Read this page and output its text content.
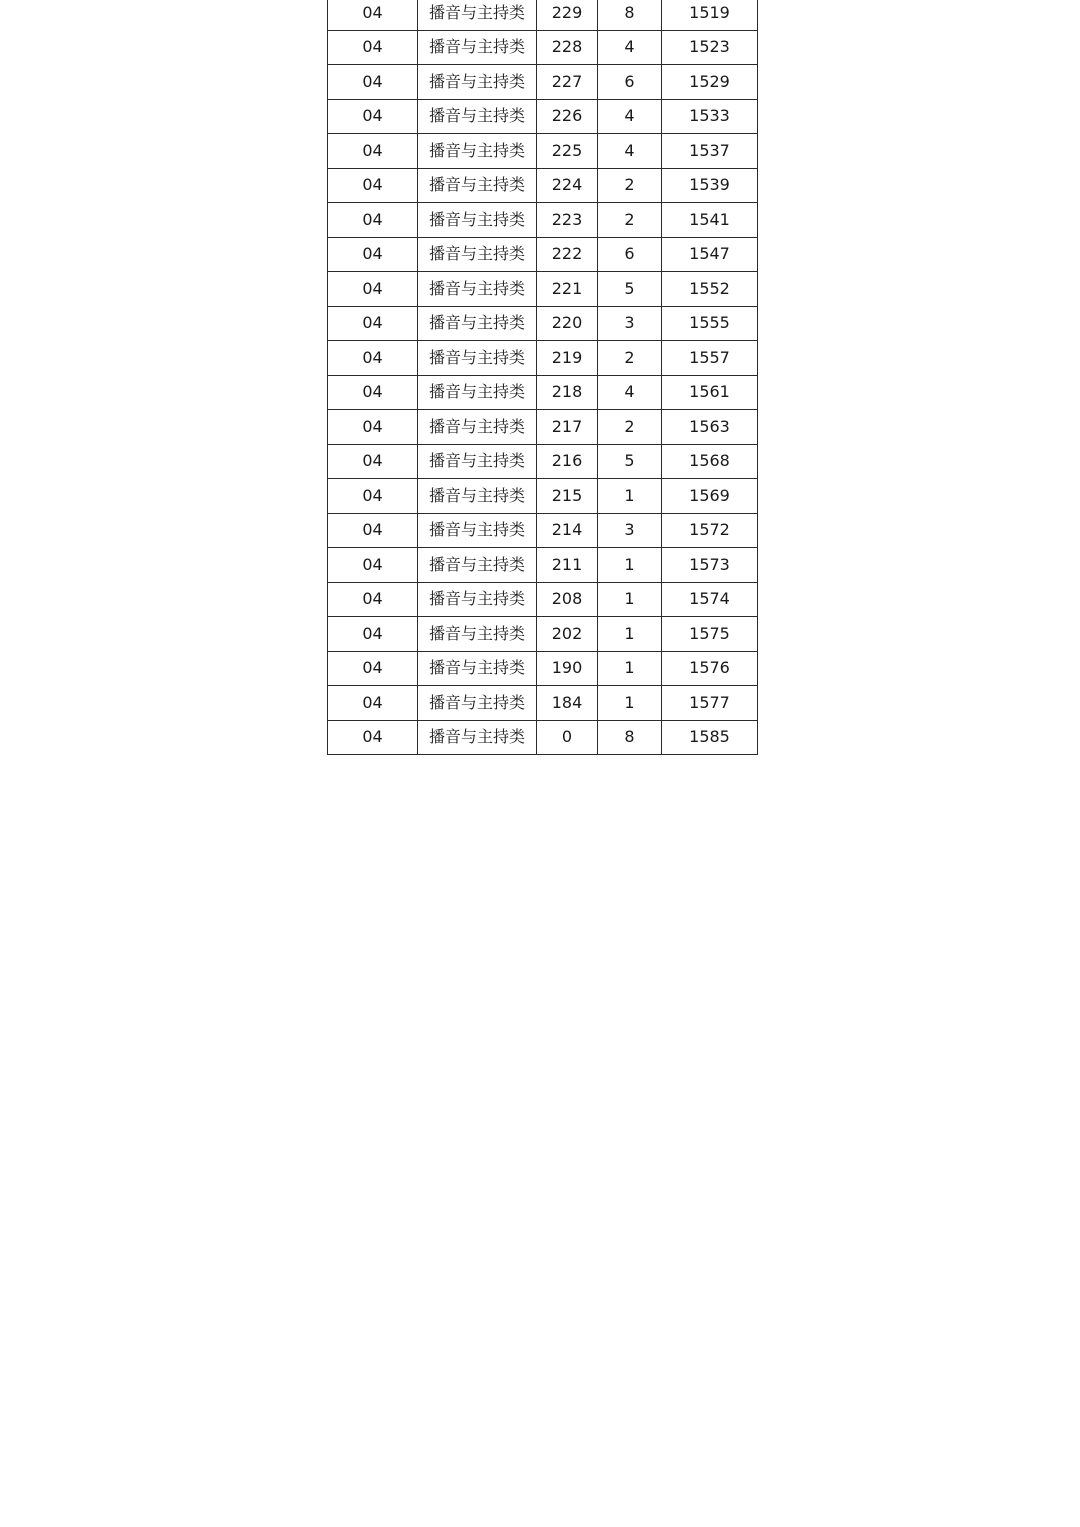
04	播音与主持类	229	8	1519
04	播音与主持类	228	4	1523
04	播音与主持类	227	6	1529
04	播音与主持类	226	4	1533
04	播音与主持类	225	4	1537
04	播音与主持类	224	2	1539
04	播音与主持类	223	2	1541
04	播音与主持类	222	6	1547
04	播音与主持类	221	5	1552
04	播音与主持类	220	3	1555
04	播音与主持类	219	2	1557
04	播音与主持类	218	4	1561
04	播音与主持类	217	2	1563
04	播音与主持类	216	5	1568
04	播音与主持类	215	1	1569
04	播音与主持类	214	3	1572
04	播音与主持类	211	1	1573
04	播音与主持类	208	1	1574
04	播音与主持类	202	1	1575
04	播音与主持类	190	1	1576
04	播音与主持类	184	1	1577
04	播音与主持类	0	8	1585
